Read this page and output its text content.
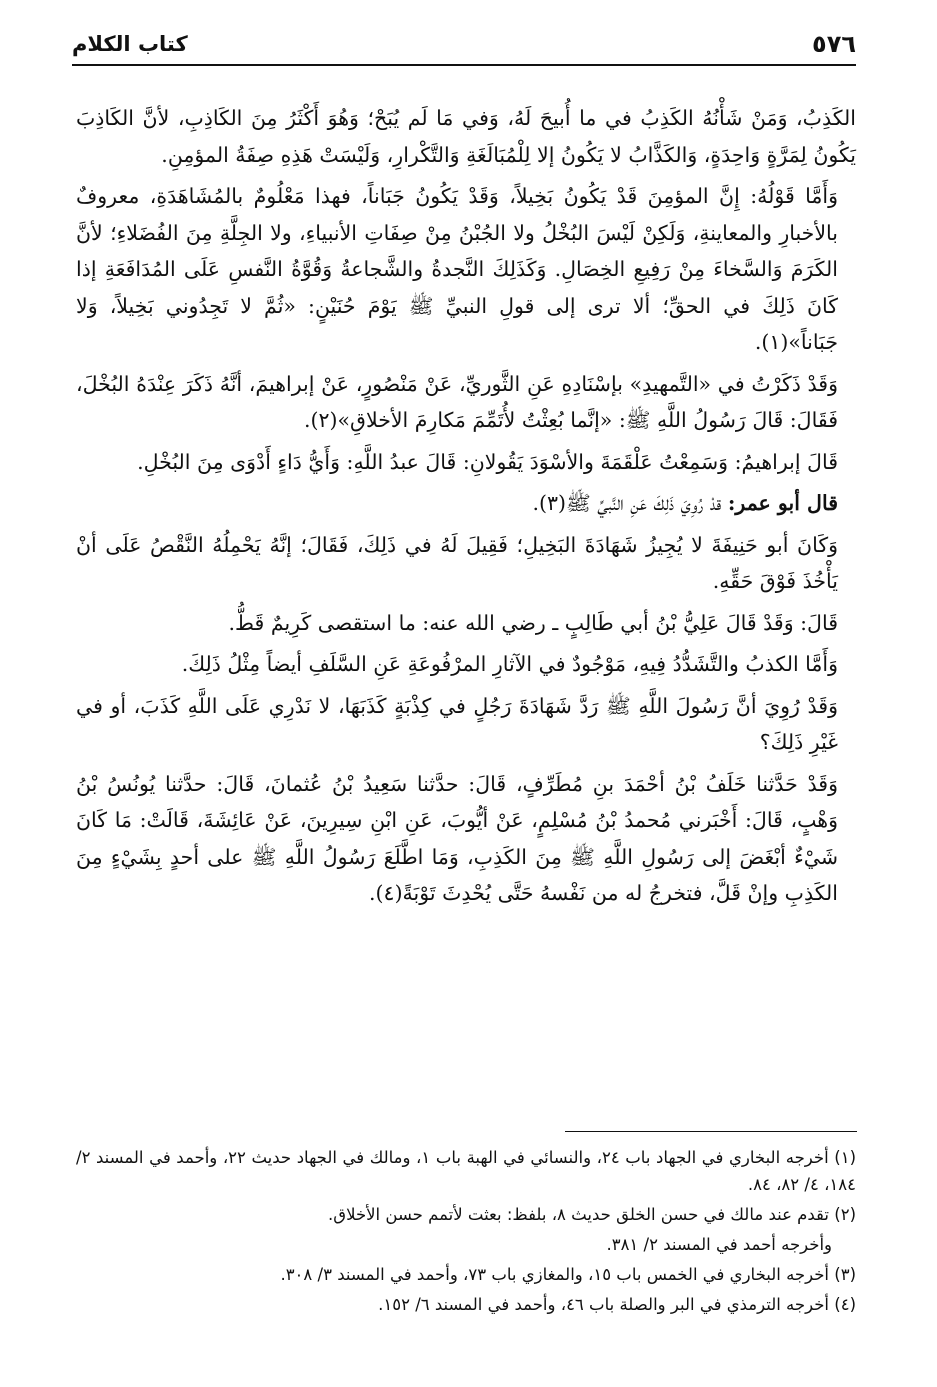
٥٧٦
كتاب الكلام

الكَذِبُ، وَمَنْ شَأْنُهُ الكَذِبُ في ما أُبيحَ لَهُ، وَفي مَا لَم يُبَحْ؛ وَهُوَ أَكْثَرُ مِنَ الكَاذِبِ، لأنَّ الكَاذِبَ يَكُونُ لِمَرَّةٍ وَاحِدَةٍ، وَالكَذَّابُ لا يَكُونُ إلا لِلْمُبَالَغَةِ وَالتَّكْرارِ، وَلَيْسَتْ هَذِهِ صِفَةُ المؤمِنِ.

وَأَمَّا قَوْلُهُ: إِنَّ المؤمِنَ قَدْ يَكُونُ بَخِيلاً، وَقَدْ يَكُونُ جَبَاناً، فهذا مَعْلُومٌ بالمُشَاهَدَةِ، معروفٌ بالأخبارِ والمعاينةِ، وَلَكِنْ لَيْسَ البُخْلُ ولا الجُبْنُ مِنْ صِفَاتِ الأنبياءِ، ولا الجِلَّةِ مِنَ الفُضَلاءِ؛ لأنَّ الكَرَمَ وَالسَّخاءَ مِنْ رَفِيعِ الخِصَالِ. وَكَذَلِكَ النَّجدةُ والشَّجاعةُ وَقُوَّةُ النَّفسِ عَلَى المُدَافَعَةِ إذا كَانَ ذَلِكَ في الحقِّ؛ ألا ترى إلى قولِ النبيِّ ﷺ يَوْمَ حُنَيْنٍ: «ثُمَّ لا تَجِدُوني بَخِيلاً، وَلا جَبَاناً»(١).

وَقَدْ ذَكَرْتُ في «التَّمهيدِ» بإسْنَادِهِ عَنِ الثَّوريِّ، عَنْ مَنْصُورٍ، عَنْ إبراهيمَ، أنَّهُ ذَكَرَ عِنْدَهُ البُخْلَ، فَقَالَ: قَالَ رَسُولُ اللَّهِ ﷺ: «إنَّما بُعِثْتُ لأُتَمِّمَ مَكارِمَ الأخلاقِ»(٢).

قَالَ إبراهيمُ: وَسَمِعْتُ عَلْقَمَةَ والأسْوَدَ يَقُولانِ: قَالَ عبدُ اللَّهِ: وَأَيُّ دَاءٍ أَدْوَى مِنَ البُخْلِ.

قال أبو عمر: قدْ رُوِيَ ذَلِكَ عَنِ النَّبيِّ ﷺ(٣).

وَكَانَ أبو حَنِيفَةَ لا يُجِيزُ شَهَادَةَ البَخِيلِ؛ فَقِيلَ لَهُ في ذَلِكَ، فَقَالَ؛ إنَّهُ يَحْمِلُهُ النَّقْصُ عَلَى أنْ يَأْخُذَ فَوْقَ حَقِّهِ.

قَالَ: وَقَدْ قَالَ عَلِيُّ بْنُ أبي طَالِبٍ ـ رضي الله عنه: ما استقصى كَرِيمٌ قَطُّ.

وَأَمَّا الكذبُ والتَّشَدُّدُ فِيهِ، مَوْجُودٌ في الآثارِ المرْفُوعَةِ عَنِ السَّلَفِ أيضاً مِثْلُ ذَلِكَ.

وَقَدْ رُوِيَ أنَّ رَسُولَ اللَّهِ ﷺ رَدَّ شَهَادَةَ رَجُلٍ في كِذْبَةٍ كَذَبَهَا، لا نَدْرِي عَلَى اللَّهِ كَذَبَ، أو في غَيْرِ ذَلِكَ؟

وَقَدْ حَدَّثنا خَلَفُ بْنُ أحْمَدَ بنِ مُطَرِّفٍ، قَالَ: حدَّثنا سَعِيدُ بْنُ عُثمانَ، قَالَ: حدَّثنا يُونُسُ بْنُ وَهْبٍ، قَالَ: أَخْبَرني مُحمدُ بْنُ مُسْلِمٍ، عَنْ أيُّوبَ، عَنِ ابْنِ سِيرِينَ، عَنْ عَائِشَةَ، قَالَتْ: مَا كَانَ شَيْءٌ أبْغَضَ إلى رَسُولِ اللَّهِ ﷺ مِنَ الكَذِبِ، وَمَا اطَّلَعَ رَسُولُ اللَّهِ ﷺ على أحدٍ بِشَيْءٍ مِنَ الكَذِبِ وإنْ قَلَّ، فتخرجُ له من نَفْسهُ حَتَّى يُحْدِثَ تَوْبَةً(٤).

(١) أخرجه البخاري في الجهاد باب ٢٤، والنسائي في الهبة باب ١، ومالك في الجهاد حديث ٢٢، وأحمد في المسند ٢/ ١٨٤، ٤/ ٨٢، ٨٤.

(٢) تقدم عند مالك في حسن الخلق حديث ٨، بلفظ: بعثت لأتمم حسن الأخلاق.

وأخرجه أحمد في المسند ٢/ ٣٨١.

(٣) أخرجه البخاري في الخمس باب ١٥، والمغازي باب ٧٣، وأحمد في المسند ٣/ ٣٠٨.

(٤) أخرجه الترمذي في البر والصلة باب ٤٦، وأحمد في المسند ٦/ ١٥٢.
